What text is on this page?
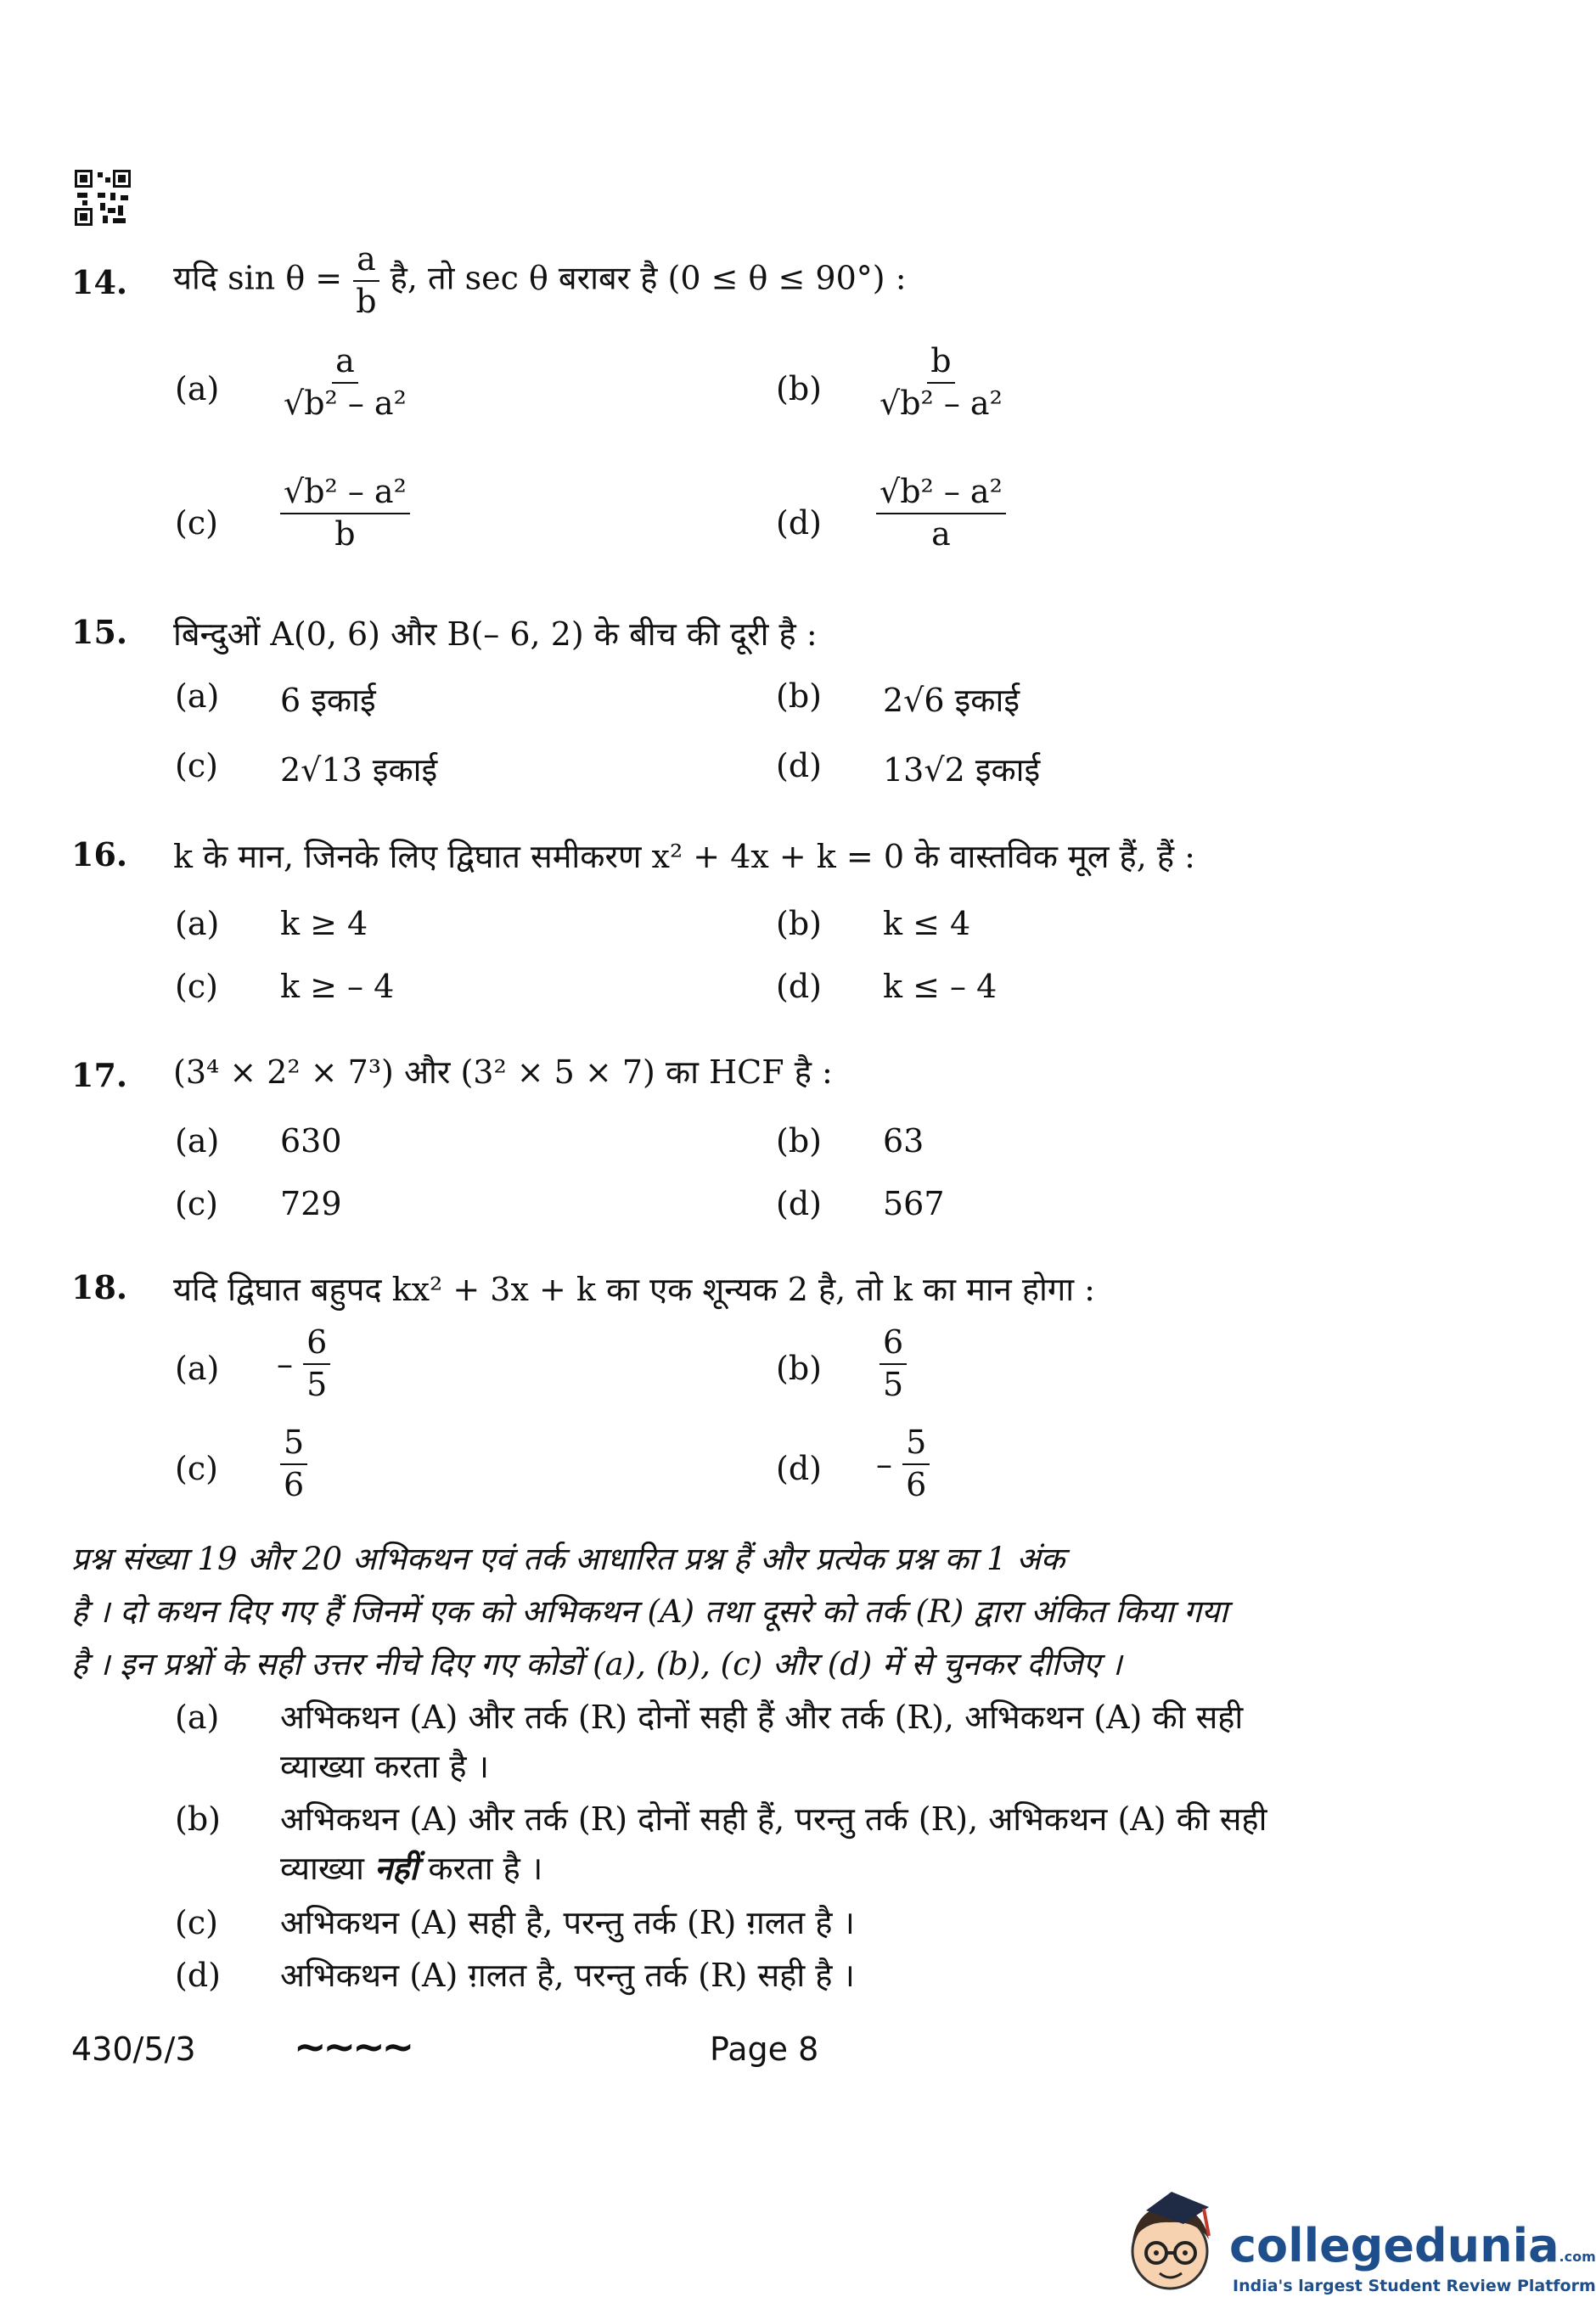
14. यदि $\sin \theta = \frac{a}{b}$ है, तो sec θ बराबर है (0 ≤ θ ≤ 90°) :
$(a) \frac{a}{\text{√b² – a²}}$	$(b) \frac{b}{\text{√b² – a²}}$
$(c) \frac{\text{√b² – a²}}{b}$	$(d) \frac{\text{√b² – a²}}{a}$
15. बिन्दुओं A(0, 6) और B(– 6, 2) के बीच की दूरी है :
(a) 6 इकाई	(b) 2√6 इकाई
(c) 2√13 इकाई	(d) 13√2 इकाई
16. k के मान, जिनके लिए द्विघात समीकरण x² + 4x + k = 0 के वास्तविक मूल हैं, हैं :
(a) k ≥ 4	(b) k ≤ 4
(c) k ≥ – 4	(d) k ≤ – 4
17. (3⁴ × 2² × 7³) और (3² × 5 × 7) का HCF है :
(a) 630	(b) 63
(c) 729	(d) 567
18. यदि द्विघात बहुपद kx² + 3x + k का एक शून्यक 2 है, तो k का मान होगा :
$(a) - \frac{6}{5}$	$(b) \frac{6}{5}$
$(c) \frac{5}{6}$	$(d) - \frac{5}{6}$
प्रश्न संख्या 19 और 20 अभिकथन एवं तर्क आधारित प्रश्न हैं और प्रत्येक प्रश्न का 1 अंक
है । दो कथन दिए गए हैं जिनमें एक को अभिकथन (A) तथा दूसरे को तर्क (R) द्वारा अंकित किया गया
है । इन प्रश्नों के सही उत्तर नीचे दिए गए कोडों (a), (b), (c) और (d) में से चुनकर दीजिए ।
(a) अभिकथन (A) और तर्क (R) दोनों सही हैं और तर्क (R), अभिकथन (A) की सही
व्याख्या करता है ।
(b) अभिकथन (A) और तर्क (R) दोनों सही हैं, परन्तु तर्क (R), अभिकथन (A) की सही
व्याख्या नहीं करता है ।
(c) अभिकथन (A) सही है, परन्तु तर्क (R) ग़लत है ।
(d) अभिकथन (A) ग़लत है, परन्तु तर्क (R) सही है ।
430/5/3	~~~~	Page 8
collegedunia.com
India's largest Student Review Platform
